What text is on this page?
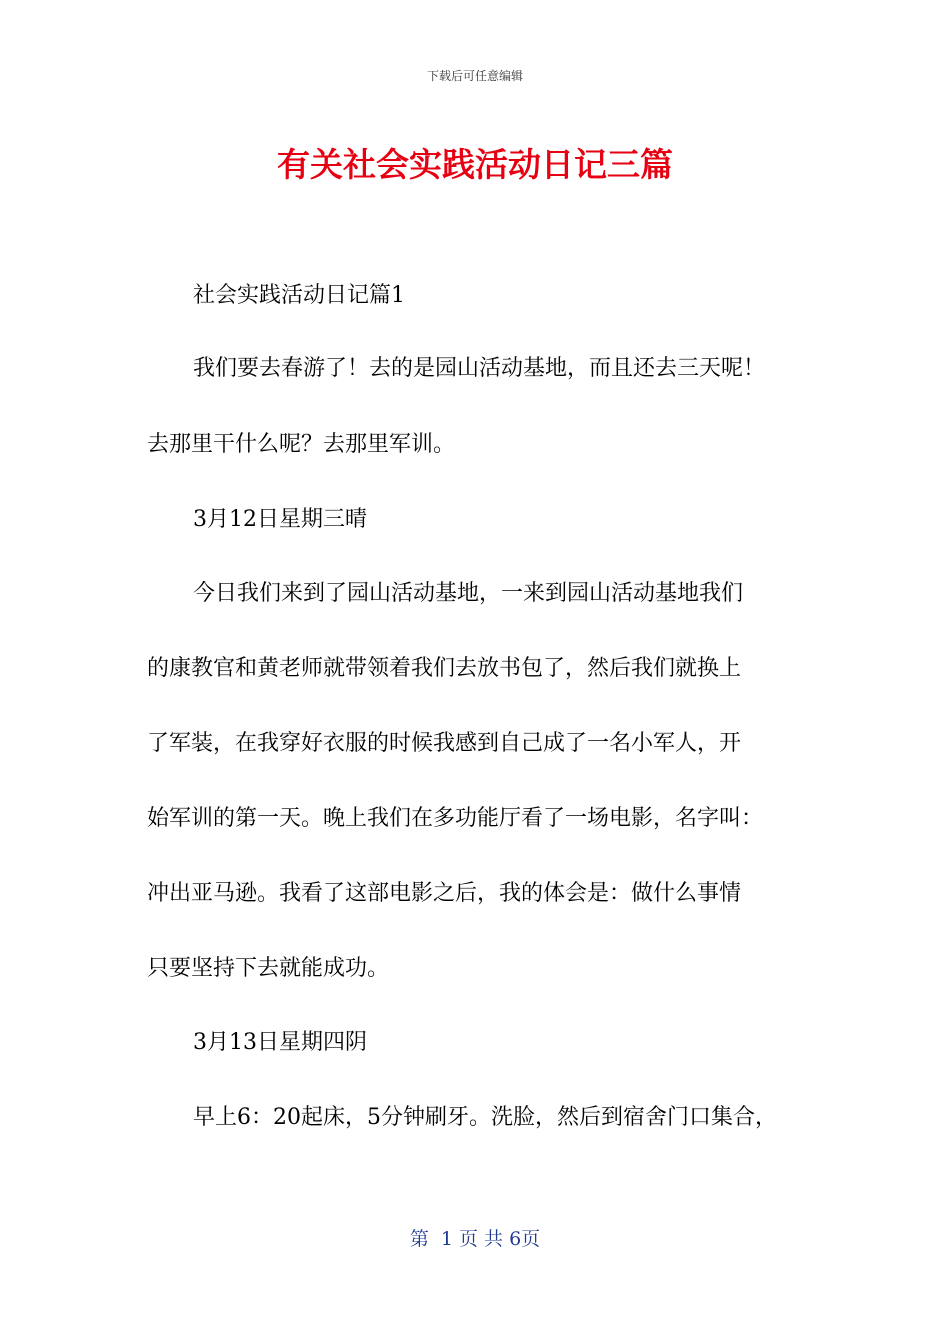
下载后可任意编辑
有关社会实践活动日记三篇

社会实践活动日记篇1

我们要去春游了！去的是园山活动基地，而且还去三天呢！

去那里干什么呢？去那里军训。

3月12日星期三晴

今日我们来到了园山活动基地，一来到园山活动基地我们

的康教官和黄老师就带领着我们去放书包了，然后我们就换上

了军装，在我穿好衣服的时候我感到自己成了一名小军人，开

始军训的第一天。晚上我们在多功能厅看了一场电影，名字叫：

冲出亚马逊。我看了这部电影之后，我的体会是：做什么事情

只要坚持下去就能成功。

3月13日星期四阴

早上6：20起床，5分钟刷牙。洗脸，然后到宿舍门口集合，

第  1 页 共 6页
